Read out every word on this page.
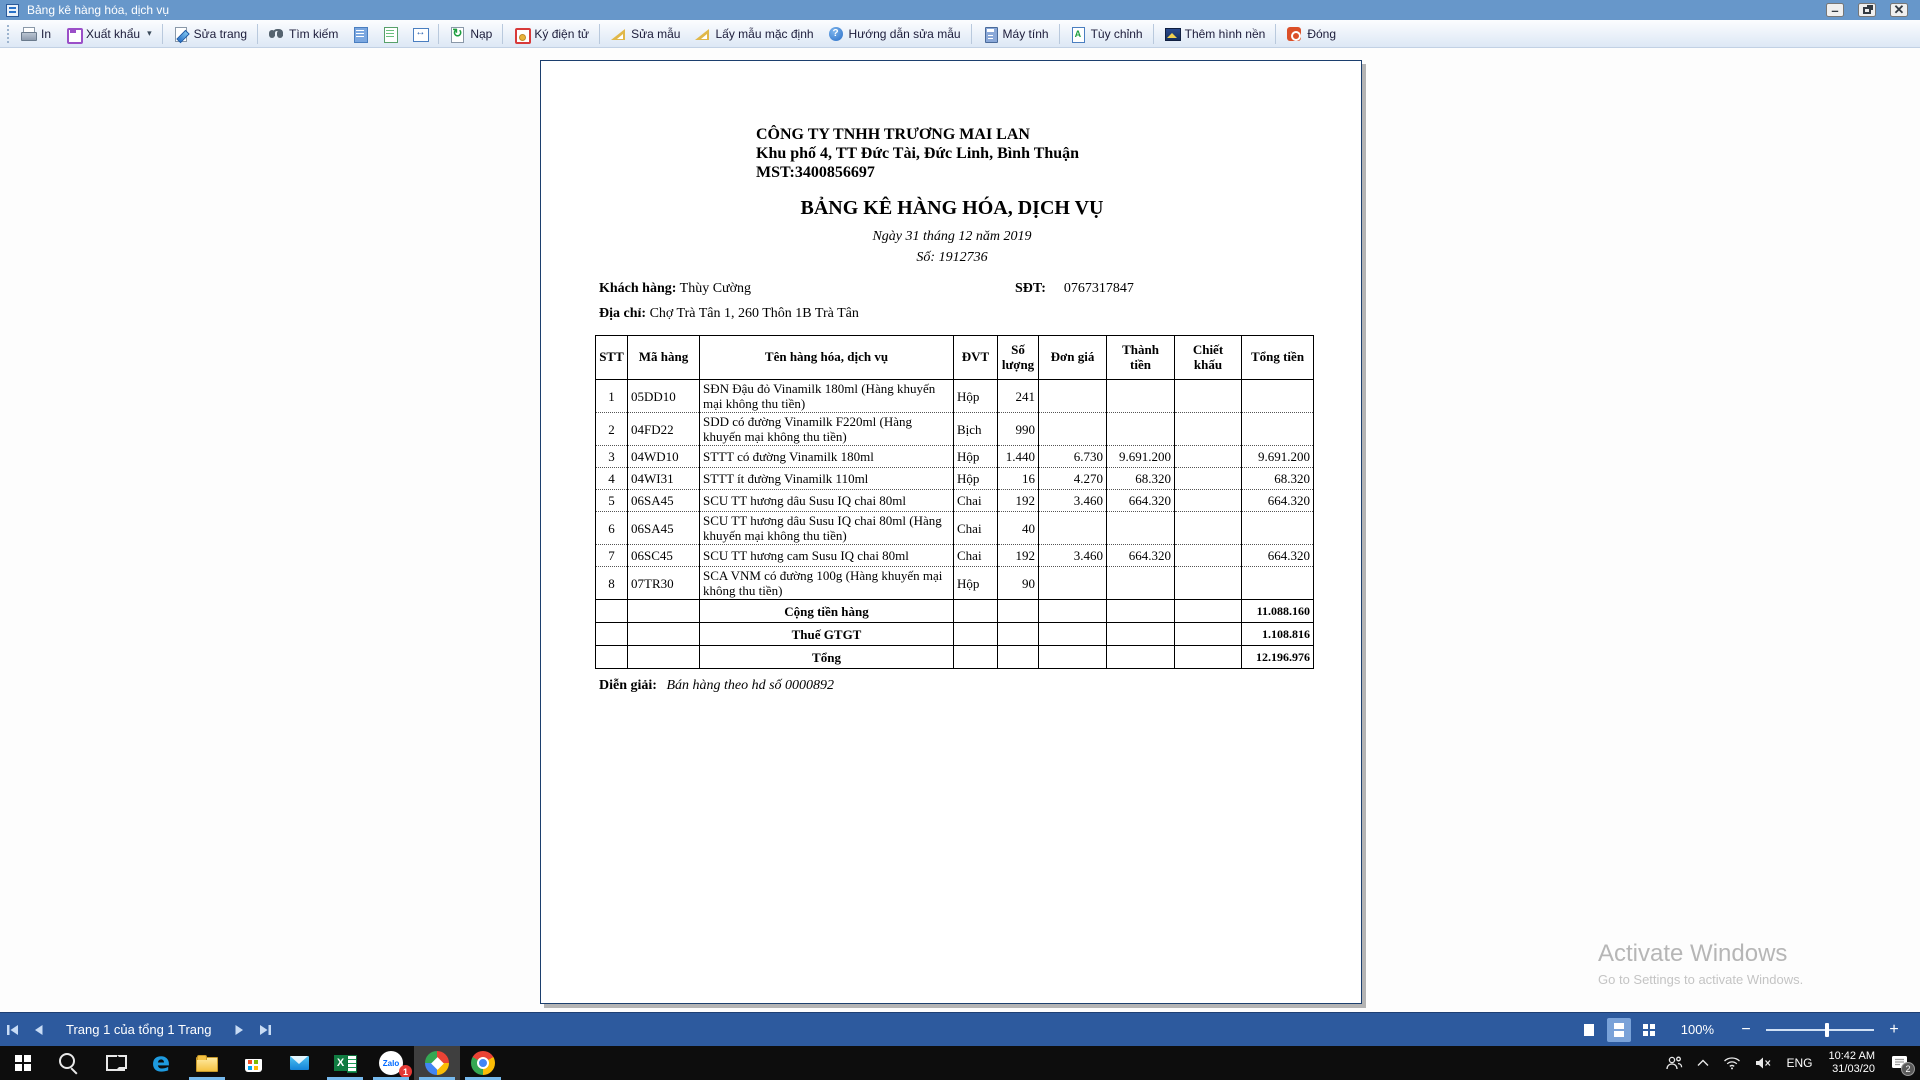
Bảng kê hàng hóa, dịch vụ	–	✕
In	Xuất khẩu ▾	Sửa trang	Tìm kiếm ↔ ↻	Nạp	Ký điện tử	Sửa mẫu	Lấy mẫu mặc định ?	Hướng dẫn sửa mẫu	Máy tính A	Tùy chỉnh	Thêm hình nền	Đóng
CÔNG TY TNHH TRƯƠNG MAI LAN
Khu phố 4, TT Đức Tài, Đức Linh, Bình Thuận
MST:3400856697
BẢNG KÊ HÀNG HÓA, DỊCH VỤ
Ngày 31 tháng 12 năm 2019
Số: 1912736
Khách hàng: Thùy Cường	SĐT: 0767317847
Địa chỉ: Chợ Trà Tân 1, 260 Thôn 1B Trà Tân
STT	Mã hàng	Tên hàng hóa, dịch vụ	ĐVT	Số lượng	Đơn giá	Thành tiền	Chiết khấu	Tổng tiền
1	05DD10	SĐN Đậu đỏ Vinamilk 180ml (Hàng khuyến mại không thu tiền)	Hộp	241				
2	04FD22	SDD có đường Vinamilk F220ml (Hàng khuyến mại không thu tiền)	Bịch	990				
3	04WD10	STTT có đường Vinamilk 180ml	Hộp	1.440	6.730	9.691.200		9.691.200
4	04WI31	STTT ít đường Vinamilk 110ml	Hộp	16	4.270	68.320		68.320
5	06SA45	SCU TT hương dâu Susu IQ chai 80ml	Chai	192	3.460	664.320		664.320
6	06SA45	SCU TT hương dâu Susu IQ chai 80ml (Hàng khuyến mại không thu tiền)	Chai	40				
7	06SC45	SCU TT hương cam Susu IQ chai 80ml	Chai	192	3.460	664.320		664.320
8	07TR30	SCA VNM có đường 100g (Hàng khuyến mại không thu tiền)	Hộp	90				
		Cộng tiền hàng						11.088.160
		Thuế GTGT						1.108.816
		Tổng						12.196.976
Diễn giải: Bán hàng theo hd số 0000892
Activate Windows
Go to Settings to activate Windows.
Trang 1 của tổng 1 Trang	100%	−	+
e
X
Zalo
1
ENG	10:42 AM
31/03/20	2
